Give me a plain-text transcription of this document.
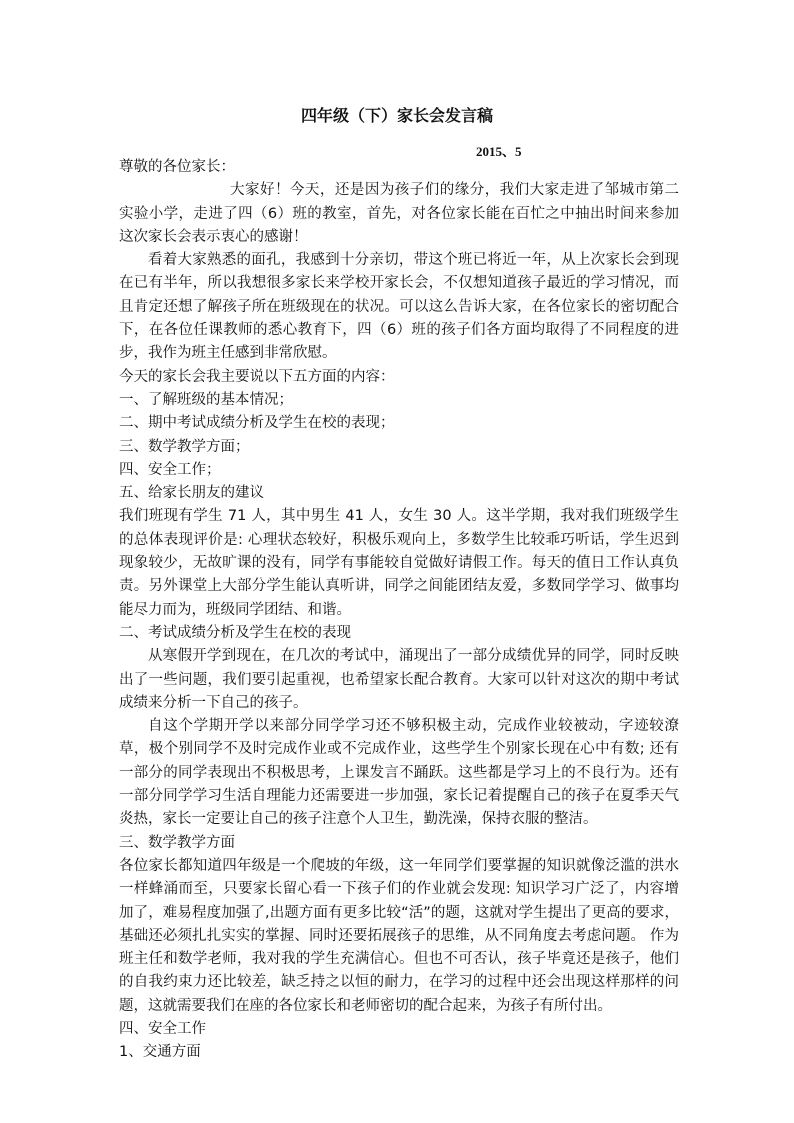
四年级（下）家长会发言稿
2015、5

尊敬的各位家长：

大家好！今天，还是因为孩子们的缘分，我们大家走进了邹城市第二实验小学，走进了四（6）班的教室，首先，对各位家长能在百忙之中抽出时间来参加这次家长会表示衷心的感谢！

看着大家熟悉的面孔，我感到十分亲切，带这个班已将近一年，从上次家长会到现在已有半年，所以我想很多家长来学校开家长会，不仅想知道孩子最近的学习情况，而且肯定还想了解孩子所在班级现在的状况。可以这么告诉大家，在各位家长的密切配合下，在各位任课教师的悉心教育下，四（6）班的孩子们各方面均取得了不同程度的进步，我作为班主任感到非常欣慰。

今天的家长会我主要说以下五方面的内容：

一、了解班级的基本情况；

二、期中考试成绩分析及学生在校的表现；

三、数学教学方面；

四、安全工作；

五、给家长朋友的建议

我们班现有学生 71 人，其中男生 41 人，女生 30 人。这半学期，我对我们班级学生的总体表现评价是: 心理状态较好，积极乐观向上，多数学生比较乖巧听话，学生迟到现象较少，无故旷课的没有，同学有事能较自觉做好请假工作。每天的值日工作认真负责。另外课堂上大部分学生能认真听讲，同学之间能团结友爱，多数同学学习、做事均能尽力而为，班级同学团结、和谐。

二、考试成绩分析及学生在校的表现

从寒假开学到现在，在几次的考试中，涌现出了一部分成绩优异的同学，同时反映出了一些问题，我们要引起重视，也希望家长配合教育。大家可以针对这次的期中考试成绩来分析一下自己的孩子。

自这个学期开学以来部分同学学习还不够积极主动，完成作业较被动，字迹较潦草，极个别同学不及时完成作业或不完成作业，这些学生个别家长现在心中有数; 还有一部分的同学表现出不积极思考，上课发言不踊跃。这些都是学习上的不良行为。还有一部分同学学习生活自理能力还需要进一步加强，家长记着提醒自己的孩子在夏季天气炎热，家长一定要让自己的孩子注意个人卫生，勤洗澡，保持衣服的整洁。

三、数学教学方面

各位家长都知道四年级是一个爬坡的年级，这一年同学们要掌握的知识就像泛滥的洪水一样蜂涌而至，只要家长留心看一下孩子们的作业就会发现: 知识学习广泛了，内容增加了，难易程度加强了,出题方面有更多比较“活”的题，这就对学生提出了更高的要求，基础还必须扎扎实实的掌握、同时还要拓展孩子的思维，从不同角度去考虑问题。 作为班主任和数学老师，我对我的学生充满信心。但也不可否认，孩子毕竟还是孩子，他们的自我约束力还比较差，缺乏持之以恒的耐力，在学习的过程中还会出现这样那样的问题，这就需要我们在座的各位家长和老师密切的配合起来，为孩子有所付出。

四、安全工作

1、交通方面
